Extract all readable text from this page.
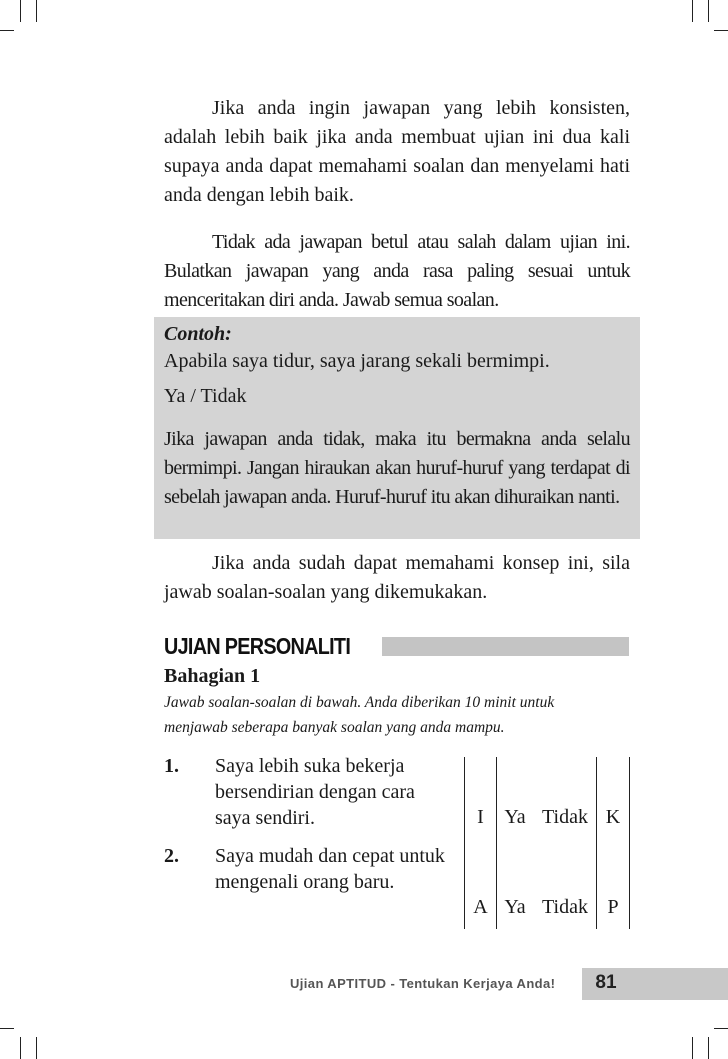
Jika anda ingin jawapan yang lebih konsisten, adalah lebih baik jika anda membuat ujian ini dua kali supaya anda dapat memahami soalan dan menyelami hati anda dengan lebih baik.

Tidak ada jawapan betul atau salah dalam ujian ini. Bulatkan jawapan yang anda rasa paling sesuai untuk menceritakan diri anda. Jawab semua soalan.

Contoh:

Apabila saya tidur, saya jarang sekali bermimpi.

Ya / Tidak

Jika jawapan anda tidak, maka itu bermakna anda selalu bermimpi. Jangan hiraukan akan huruf-huruf yang terdapat di sebelah jawapan anda. Huruf-huruf itu akan dihuraikan nanti.

Jika anda sudah dapat memahami konsep ini, sila jawab soalan-soalan yang dikemukakan.

UJIAN PERSONALITI

Bahagian 1

Jawab soalan-soalan di bawah. Anda diberikan 10 minit untuk
menjawab seberapa banyak soalan yang anda mampu.

1. Saya lebih suka bekerja bersendirian dengan cara saya sendiri.

2. Saya mudah dan cepat untuk mengenali orang baru.

I	Ya Tidak K
A Ya Tidak P
Ujian APTITUD - Tentukan Kerjaya Anda!	81
